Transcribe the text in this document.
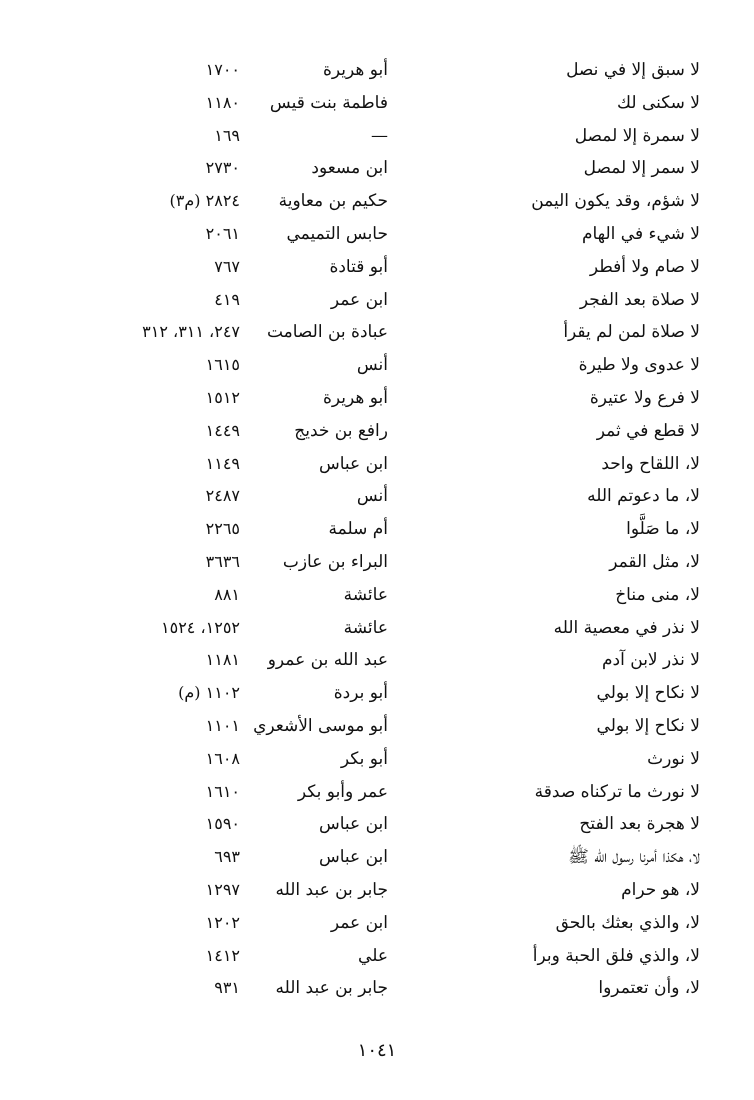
لا سبق إلا في نصل
أبو هريرة
١٧٠٠
لا سكنى لك
فاطمة بنت قيس
١١٨٠
لا سمرة إلا لمصل
—
١٦٩
لا سمر إلا لمصل
ابن مسعود
٢٧٣٠
لا شؤم، وقد يكون اليمن
حكيم بن معاوية
٢٨٢٤ (م٣)
لا شيء في الهام
حابس التميمي
٢٠٦١
لا صام ولا أفطر
أبو قتادة
٧٦٧
لا صلاة بعد الفجر
ابن عمر
٤١٩
لا صلاة لمن لم يقرأ
عبادة بن الصامت
٢٤٧، ٣١١، ٣١٢
لا عدوى ولا طيرة
أنس
١٦١٥
لا فرع ولا عتيرة
أبو هريرة
١٥١٢
لا قطع في ثمر
رافع بن خديج
١٤٤٩
لا، اللقاح واحد
ابن عباس
١١٤٩
لا، ما دعوتم الله
أنس
٢٤٨٧
لا، ما صَلَّوا
أم سلمة
٢٢٦٥
لا، مثل القمر
البراء بن عازب
٣٦٣٦
لا، منى مناخ
عائشة
٨٨١
لا نذر في معصية الله
عائشة
١٢٥٢، ١٥٢٤
لا نذر لابن آدم
عبد الله بن عمرو
١١٨١
لا نكاح إلا بولي
أبو بردة
١١٠٢ (م)
لا نكاح إلا بولي
أبو موسى الأشعري
١١٠١
لا نورث
أبو بكر
١٦٠٨
لا نورث ما تركناه صدقة
عمر وأبو بكر
١٦١٠
لا هجرة بعد الفتح
ابن عباس
١٥٩٠
لا، هكذا أمرنا رسول الله ﷺ
ابن عباس
٦٩٣
لا، هو حرام
جابر بن عبد الله
١٢٩٧
لا، والذي بعثك بالحق
ابن عمر
١٢٠٢
لا، والذي فلق الحبة وبرأ
علي
١٤١٢
لا، وأن تعتمروا
جابر بن عبد الله
٩٣١
١٠٤١
